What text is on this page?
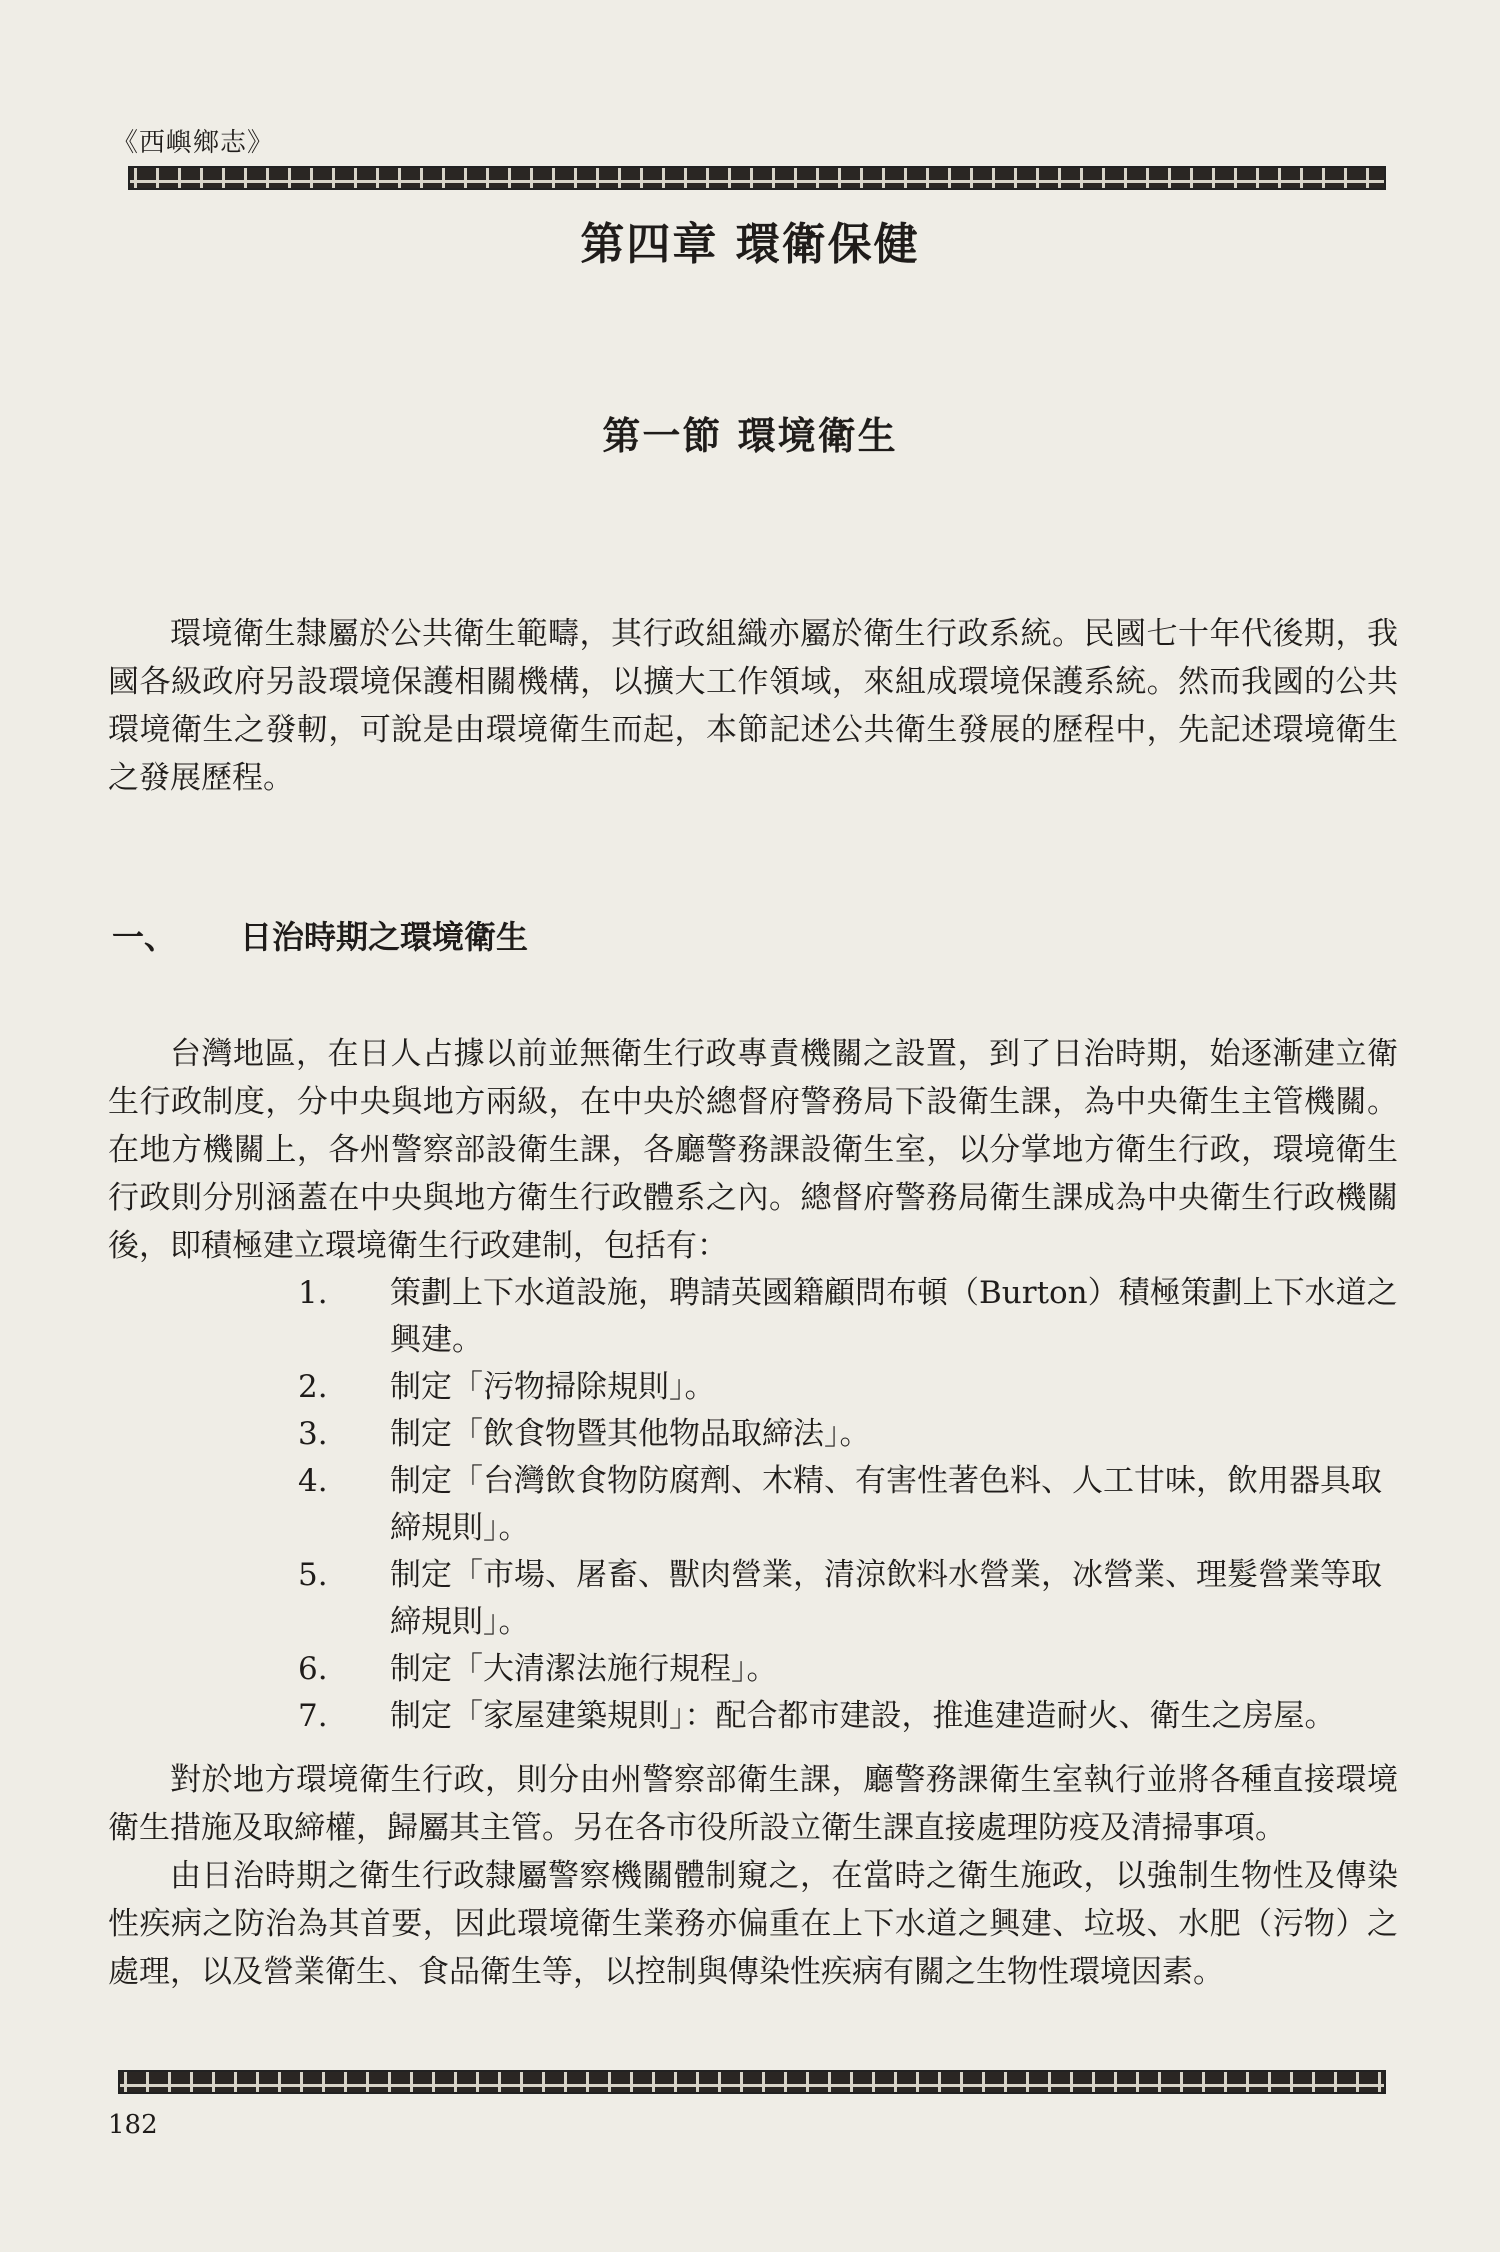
《西嶼鄉志》
第四章 環衛保健
第一節 環境衛生

環境衛生隸屬於公共衛生範疇，其行政組織亦屬於衛生行政系統。民國七十年代後期，我國各級政府另設環境保護相關機構，以擴大工作領域，來組成環境保護系統。然而我國的公共環境衛生之發軔，可說是由環境衛生而起，本節記述公共衛生發展的歷程中，先記述環境衛生之發展歷程。

一、 日治時期之環境衛生

台灣地區，在日人占據以前並無衛生行政專責機關之設置，到了日治時期，始逐漸建立衛生行政制度，分中央與地方兩級，在中央於總督府警務局下設衛生課，為中央衛生主管機關。在地方機關上，各州警察部設衛生課，各廳警務課設衛生室，以分掌地方衛生行政，環境衛生行政則分別涵蓋在中央與地方衛生行政體系之內。總督府警務局衛生課成為中央衛生行政機關後，即積極建立環境衛生行政建制，包括有：

1.	策劃上下水道設施，聘請英國籍顧問布頓（Burton）積極策劃上下水道之興建。
2.	制定「污物掃除規則」。
3.	制定「飲食物暨其他物品取締法」。
4.	制定「台灣飲食物防腐劑、木精、有害性著色料、人工甘味，飲用器具取締規則」。
5.	制定「市場、屠畜、獸肉營業，清涼飲料水營業，冰營業、理髮營業等取締規則」。
6.	制定「大清潔法施行規程」。
7.	制定「家屋建築規則」：配合都市建設，推進建造耐火、衛生之房屋。

對於地方環境衛生行政，則分由州警察部衛生課，廳警務課衛生室執行並將各種直接環境衛生措施及取締權，歸屬其主管。另在各市役所設立衛生課直接處理防疫及清掃事項。

由日治時期之衛生行政隸屬警察機關體制窺之，在當時之衛生施政，以強制生物性及傳染性疾病之防治為其首要，因此環境衛生業務亦偏重在上下水道之興建、垃圾、水肥（污物）之處理，以及營業衛生、食品衛生等，以控制與傳染性疾病有關之生物性環境因素。

182
